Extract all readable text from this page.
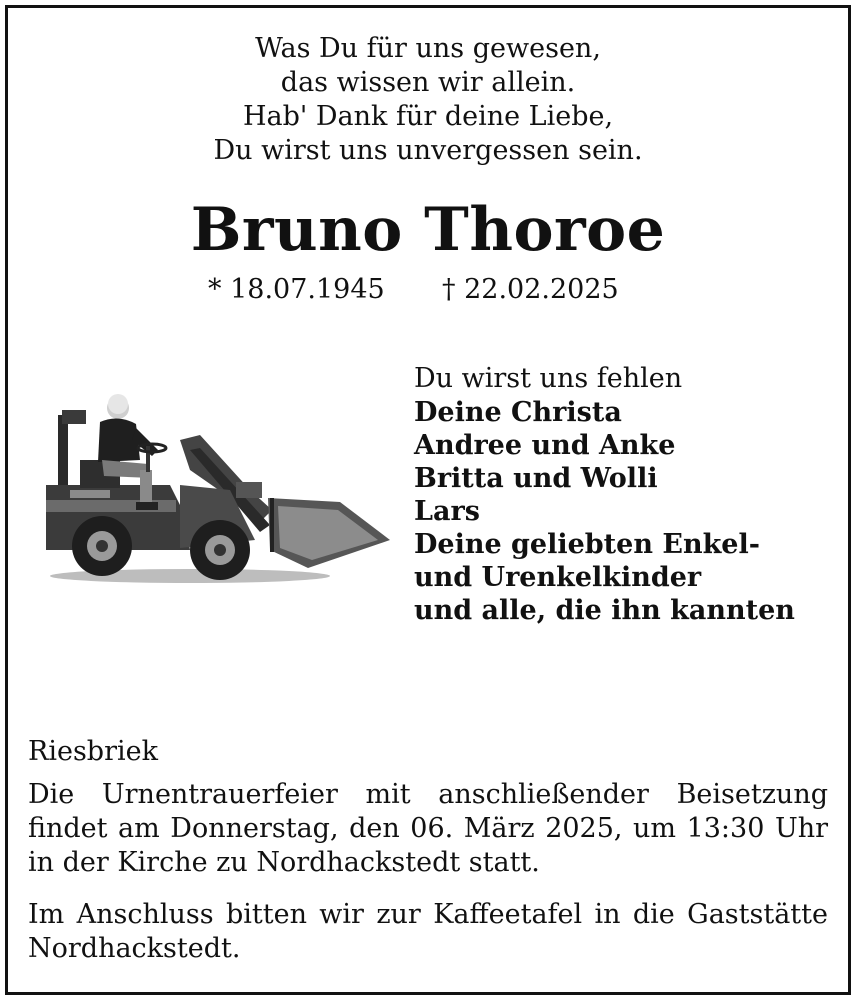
Was Du für uns gewesen,
das wissen wir allein.
Hab' Dank für deine Liebe,
Du wirst uns unvergessen sein.
Bruno Thoroe
* 18.07.1945 † 22.02.2025
Du wirst uns fehlen
Deine Christa
Andree und Anke
Britta und Wolli
Lars
Deine geliebten Enkel-
und Urenkelkinder
und alle, die ihn kannten
Riesbriek
Die Urnentrauerfeier mit anschließender Beisetzung
findet am Donnerstag, den 06. März 2025, um 13:30 Uhr
in der Kirche zu Nordhackstedt statt.
Im Anschluss bitten wir zur Kaffeetafel in die Gaststätte
Nordhackstedt.
